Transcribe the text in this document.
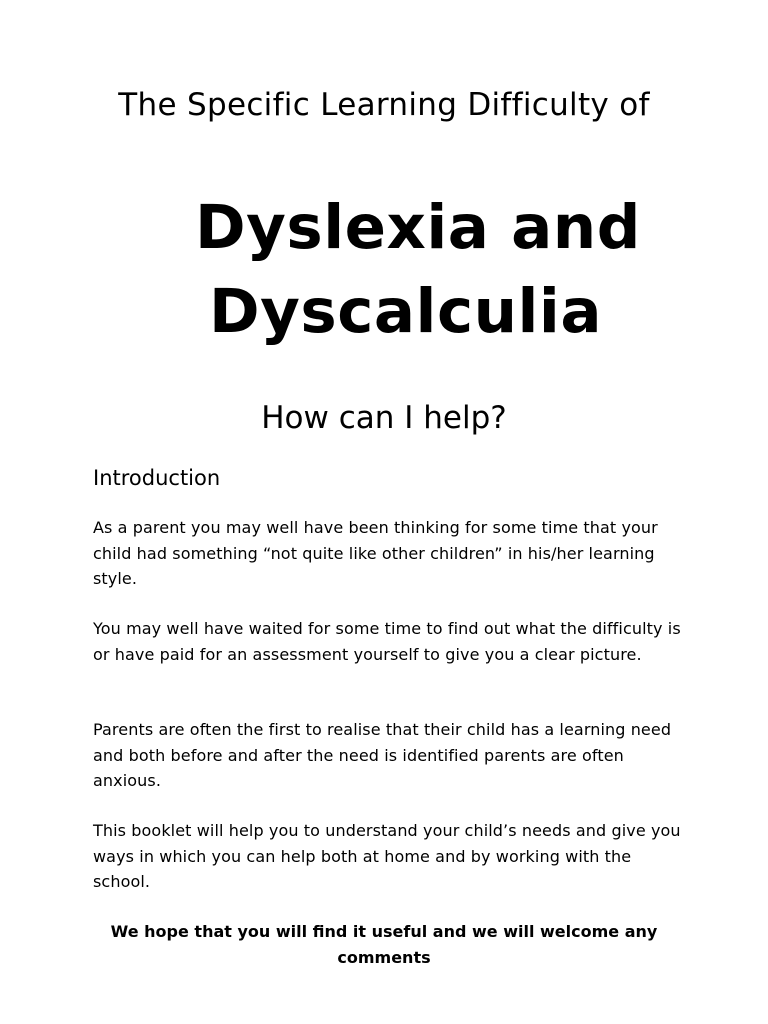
The Specific Learning Difficulty of

Dyslexia and
Dyscalculia
How can I help?
Introduction

As a parent you may well have been thinking for some time that your child had something “not quite like other children” in his/her learning style.

You may well have waited for some time to find out what the difficulty is or have paid for an assessment yourself to give you a clear picture.

Parents are often the first to realise that their child has a learning need and both before and after the need is identified parents are often anxious.

This booklet will help you to understand your child’s needs and give you ways in which you can help both at home and by working with the school.

We hope that you will find it useful and we will welcome any comments
